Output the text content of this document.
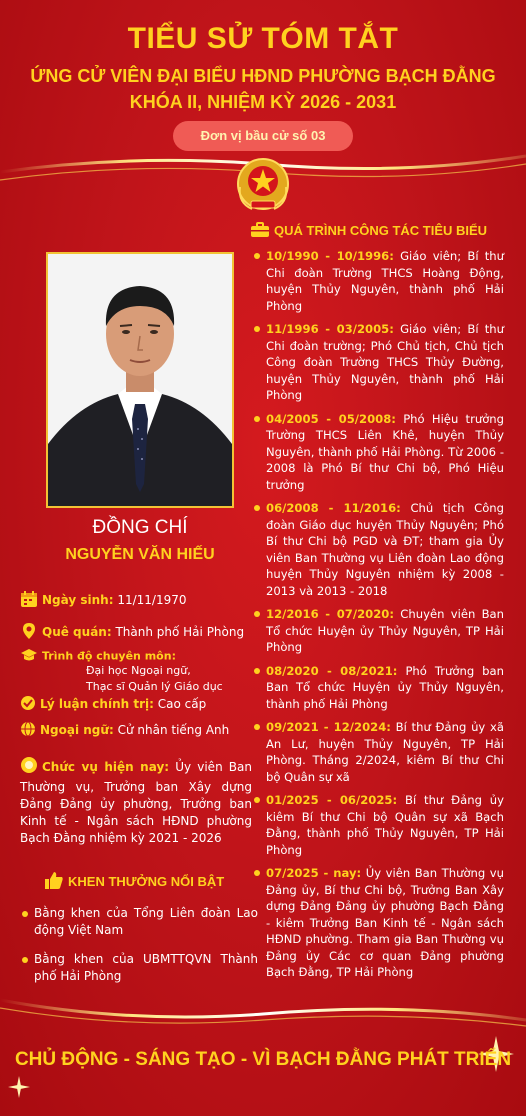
TIỂU SỬ TÓM TẮT
ỨNG CỬ VIÊN ĐẠI BIỂU HĐND PHƯỜNG BẠCH ĐẰNG
KHÓA II, NHIỆM KỲ 2026 - 2031
Đơn vị bầu cử số 03
ĐỒNG CHÍ
NGUYỄN VĂN HIẾU
Ngày sinh: 11/11/1970
Quê quán: Thành phố Hải Phòng
Trình độ chuyên môn:
Đại học Ngoại ngữ,
Thạc sĩ Quản lý Giáo dục
Lý luận chính trị: Cao cấp
Ngoại ngữ: Cử nhân tiếng Anh
Chức vụ hiện nay: Ủy viên Ban Thường vụ, Trưởng ban Xây dựng Đảng Đảng ủy phường, Trưởng ban Kinh tế - Ngân sách HĐND phường Bạch Đằng nhiệm kỳ 2021 - 2026
KHEN THƯỞNG NỔI BẬT
Bằng khen của Tổng Liên đoàn Lao động Việt Nam
Bằng khen của UBMTTQVN Thành phố Hải Phòng
QUÁ TRÌNH CÔNG TÁC TIÊU BIỂU
10/1990 - 10/1996: Giáo viên; Bí thư Chi đoàn Trường THCS Hoàng Động, huyện Thủy Nguyên, thành phố Hải Phòng
11/1996 - 03/2005: Giáo viên; Bí thư Chi đoàn trường; Phó Chủ tịch, Chủ tịch Công đoàn Trường THCS Thủy Đường, huyện Thủy Nguyên, thành phố Hải Phòng
04/2005 - 05/2008: Phó Hiệu trưởng Trường THCS Liên Khê, huyện Thủy Nguyên, thành phố Hải Phòng. Từ 2006 - 2008 là Phó Bí thư Chi bộ, Phó Hiệu trưởng
06/2008 - 11/2016: Chủ tịch Công đoàn Giáo dục huyện Thủy Nguyên; Phó Bí thư Chi bộ PGD và ĐT; tham gia Ủy viên Ban Thường vụ Liên đoàn Lao động huyện Thủy Nguyên nhiệm kỳ 2008 - 2013 và 2013 - 2018
12/2016 - 07/2020: Chuyên viên Ban Tổ chức Huyện ủy Thủy Nguyên, TP Hải Phòng
08/2020 - 08/2021: Phó Trưởng ban Ban Tổ chức Huyện ủy Thủy Nguyên, thành phố Hải Phòng
09/2021 - 12/2024: Bí thư Đảng ủy xã An Lư, huyện Thủy Nguyên, TP Hải Phòng. Tháng 2/2024, kiêm Bí thư Chi bộ Quân sự xã
01/2025 - 06/2025: Bí thư Đảng ủy kiêm Bí thư Chi bộ Quân sự xã Bạch Đằng, thành phố Thủy Nguyên, TP Hải Phòng
07/2025 - nay: Ủy viên Ban Thường vụ Đảng ủy, Bí thư Chi bộ, Trưởng Ban Xây dựng Đảng Đảng ủy phường Bạch Đằng - kiêm Trưởng Ban Kinh tế - Ngân sách HĐND phường. Tham gia Ban Thường vụ Đảng ủy Các cơ quan Đảng phường Bạch Đằng, TP Hải Phòng
CHỦ ĐỘNG - SÁNG TẠO - VÌ BẠCH ĐẰNG PHÁT TRIỂN
